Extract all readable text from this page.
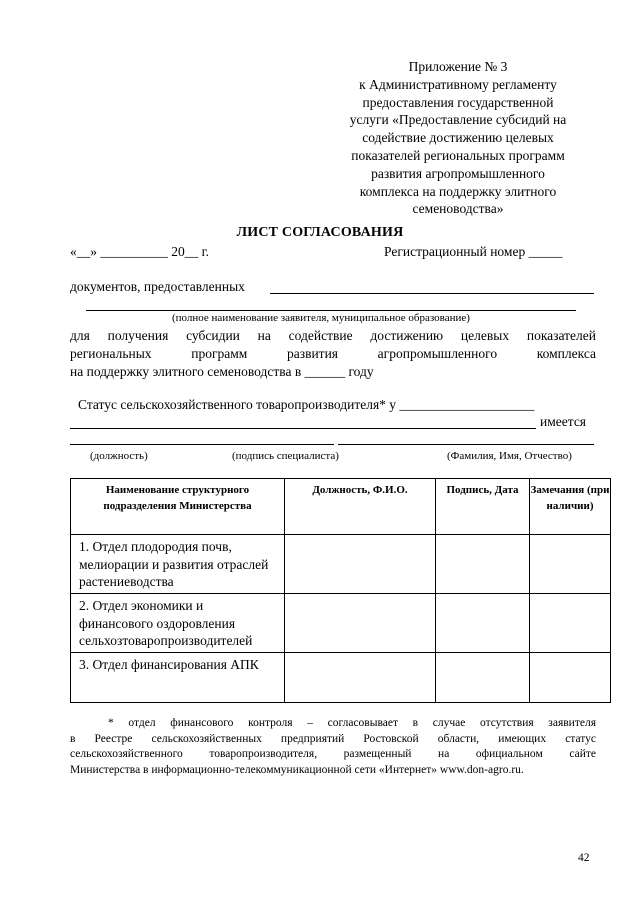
Приложение № 3
к Административному регламенту
предоставления государственной
услуги «Предоставление субсидий на
содействие достижению целевых
показателей региональных программ
развития агропромышленного
комплекса на поддержку элитного
семеноводства»
ЛИСТ СОГЛАСОВАНИЯ
«__» __________ 20__ г.	Регистрационный номер _____
документов, предоставленных
(полное наименование заявителя, муниципальное образование)
для получения субсидии на содействие достижению целевых показателей
региональных программ развития агропромышленного комплекса
на поддержку элитного семеноводства в ______ году
Статус сельскохозяйственного товаропроизводителя* у ____________________
имеется
(должность)	(подпись специалиста)	(Фамилия, Имя, Отчество)
Наименование структурного подразделения Министерства	Должность, Ф.И.О.	Подпись, Дата	Замечания (при наличии)
1. Отдел плодородия почв, мелиорации и развития отраслей растениеводства			
2. Отдел экономики и финансового оздоровления сельхозтоваропроизводителей			
3. Отдел финансирования АПК			
* отдел финансового контроля – согласовывает в случае отсутствия заявителя
в Реестре сельскохозяйственных предприятий Ростовской области, имеющих статус
сельскохозяйственного товаропроизводителя, размещенный на официальном сайте
Министерства в информационно-телекоммуникационной сети «Интернет» www.don-agro.ru.
42
